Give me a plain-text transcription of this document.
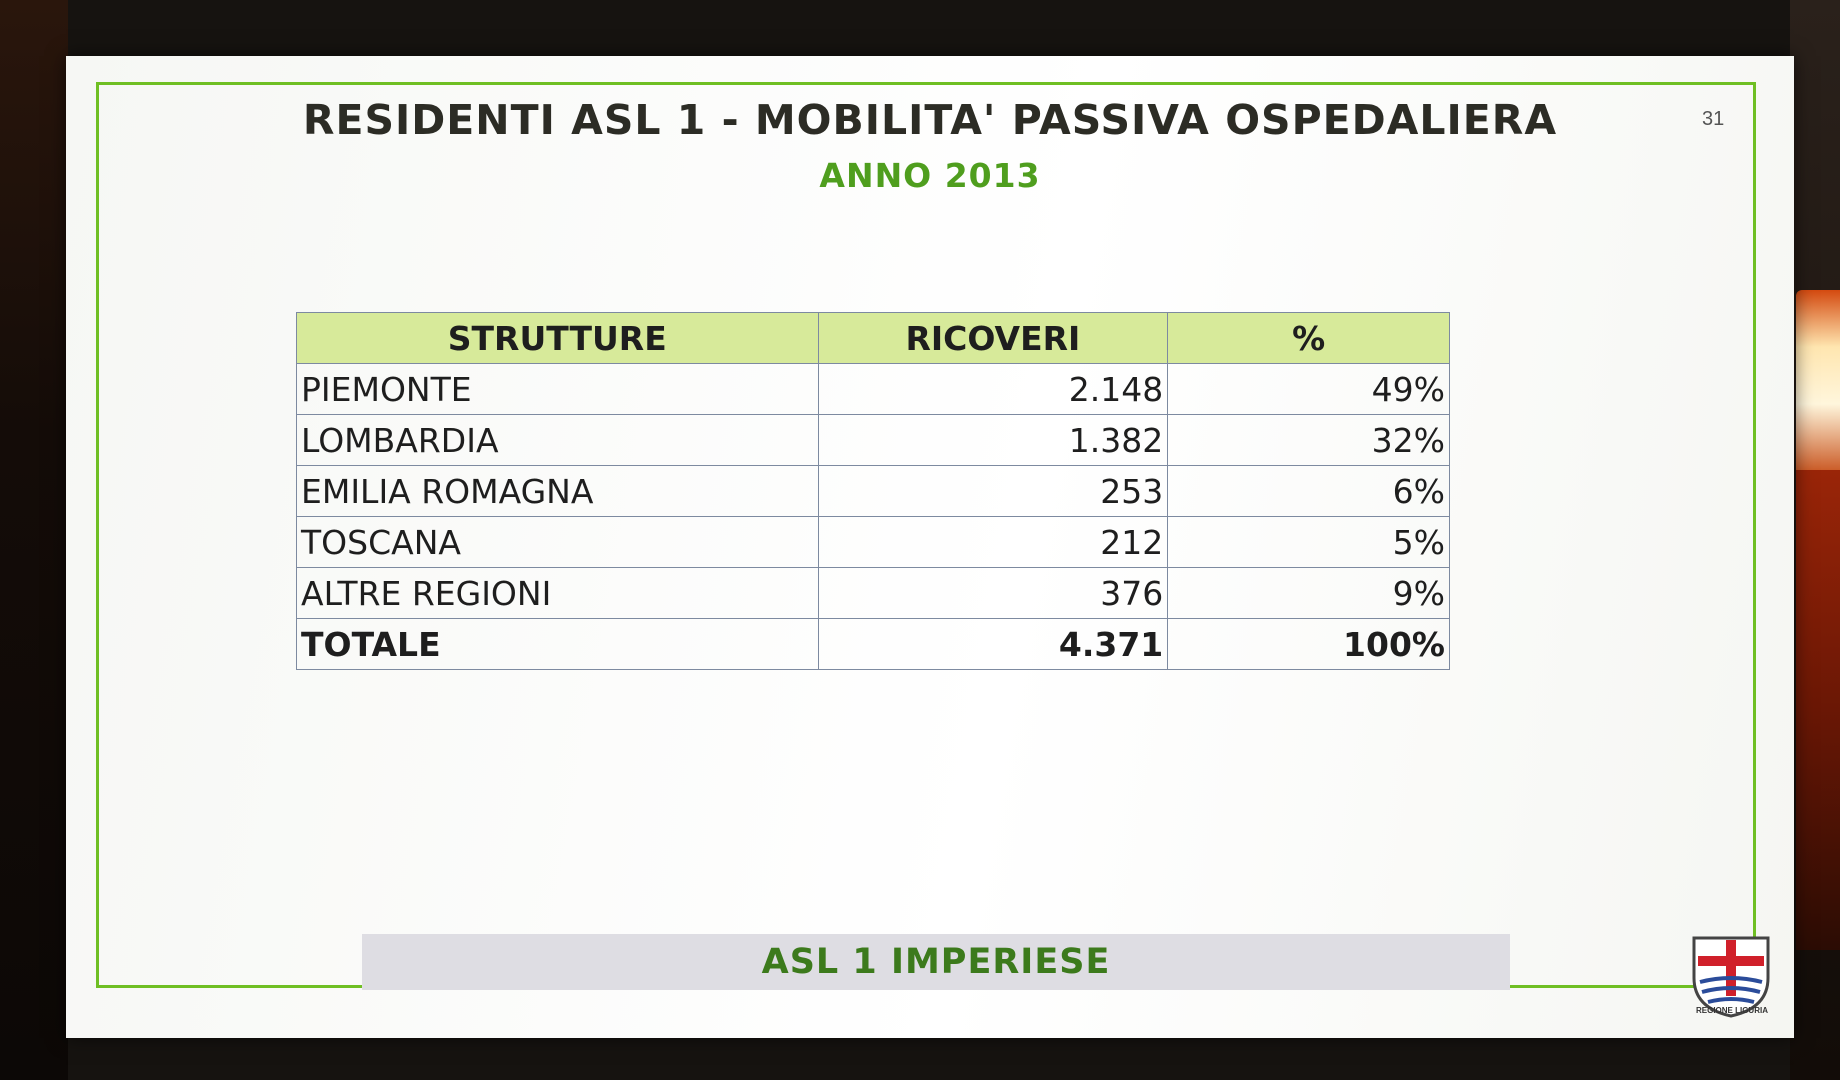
RESIDENTI ASL 1 - MOBILITA' PASSIVA OSPEDALIERA
ANNO 2013
31
STRUTTURE	RICOVERI	%
PIEMONTE	2.148	49%
LOMBARDIA	1.382	32%
EMILIA ROMAGNA	253	6%
TOSCANA	212	5%
ALTRE REGIONI	376	9%
TOTALE	4.371	100%
ASL 1 IMPERIESE
REGIONE LIGURIA
